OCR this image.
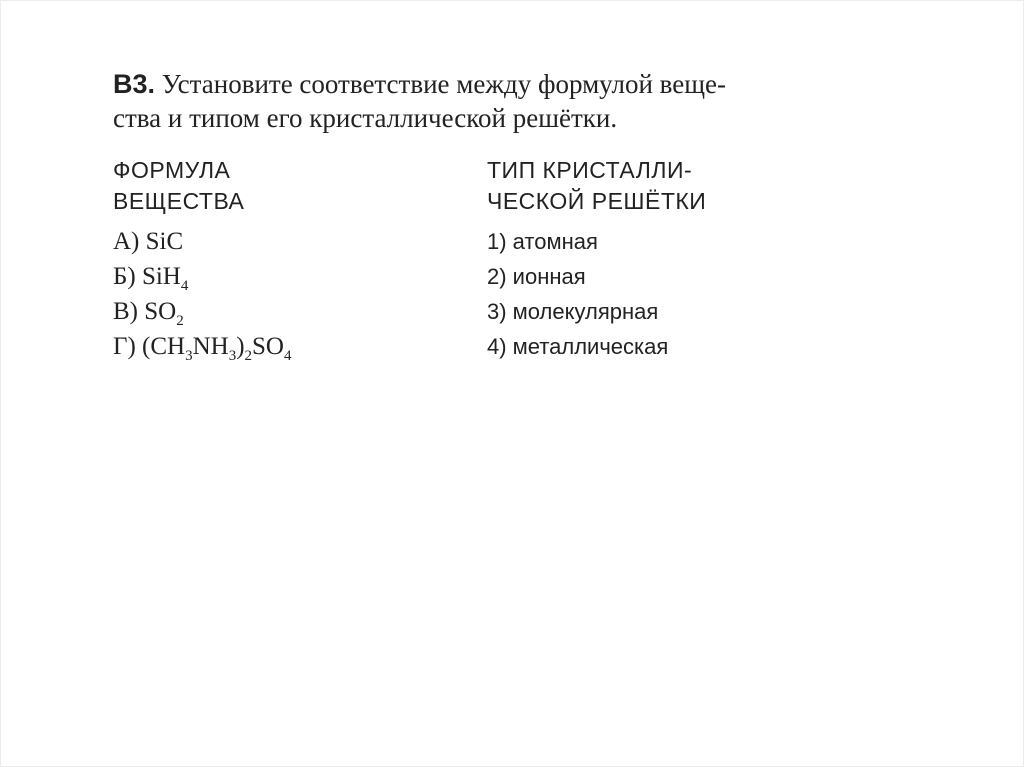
В3. Установите соответствие между формулой веще-
ства и типом его кристаллической решётки.

ФОРМУЛА
ВЕЩЕСТВА
А) SiC
Б) SiH$_4$
В) $SO_2$
Г) $(CH_3NH_3)_2SO_4$
ТИП КРИСТАЛЛИ-
ЧЕСКОЙ РЕШЁТКИ
1) атомная
2) ионная
3) молекулярная
4) металлическая
